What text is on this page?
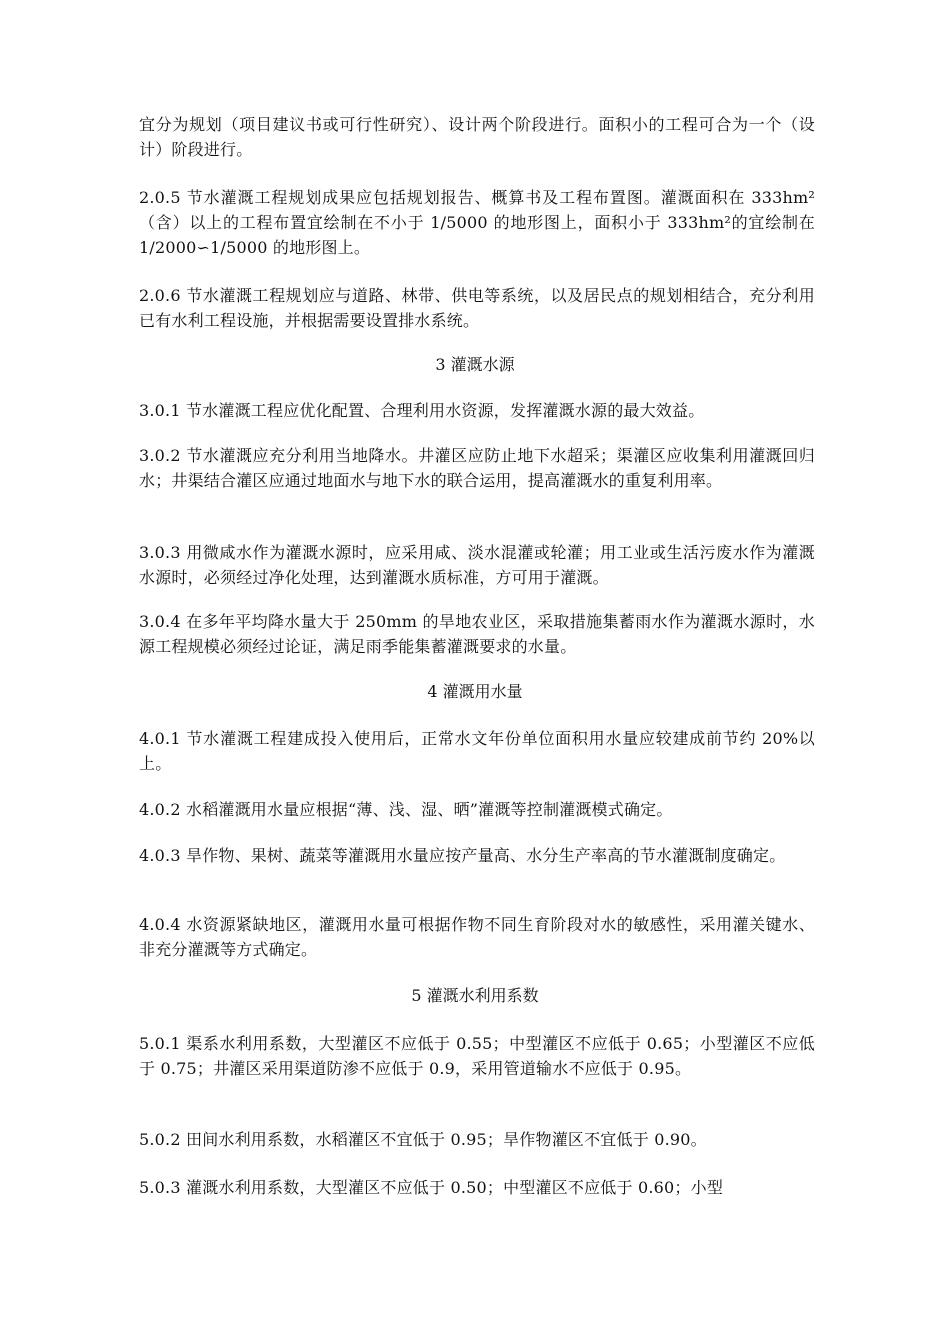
宜分为规划（项目建议书或可行性研究）、设计两个阶段进行。面积小的工程可合为一个（设计）阶段进行。

2.0.5 节水灌溉工程规划成果应包括规划报告、概算书及工程布置图。灌溉面积在 333hm²（含）以上的工程布置宜绘制在不小于 1/5000 的地形图上，面积小于 333hm²的宜绘制在 1/2000∽1/5000 的地形图上。

2.0.6 节水灌溉工程规划应与道路、林带、供电等系统，以及居民点的规划相结合，充分利用已有水利工程设施，并根据需要设置排水系统。

3 灌溉水源

3.0.1 节水灌溉工程应优化配置、合理利用水资源，发挥灌溉水源的最大效益。

3.0.2 节水灌溉应充分利用当地降水。井灌区应防止地下水超采；渠灌区应收集利用灌溉回归水；井渠结合灌区应通过地面水与地下水的联合运用，提高灌溉水的重复利用率。

3.0.3 用微咸水作为灌溉水源时，应采用咸、淡水混灌或轮灌；用工业或生活污废水作为灌溉水源时，必须经过净化处理，达到灌溉水质标准，方可用于灌溉。

3.0.4 在多年平均降水量大于 250mm 的旱地农业区，采取措施集蓄雨水作为灌溉水源时，水源工程规模必须经过论证，满足雨季能集蓄灌溉要求的水量。

4 灌溉用水量

4.0.1 节水灌溉工程建成投入使用后，正常水文年份单位面积用水量应较建成前节约 20%以上。

4.0.2 水稻灌溉用水量应根据“薄、浅、湿、晒”灌溉等控制灌溉模式确定。

4.0.3 旱作物、果树、蔬菜等灌溉用水量应按产量高、水分生产率高的节水灌溉制度确定。

4.0.4 水资源紧缺地区，灌溉用水量可根据作物不同生育阶段对水的敏感性，采用灌关键水、非充分灌溉等方式确定。

5 灌溉水利用系数

5.0.1 渠系水利用系数，大型灌区不应低于 0.55；中型灌区不应低于 0.65；小型灌区不应低于 0.75；井灌区采用渠道防渗不应低于 0.9，采用管道输水不应低于 0.95。

5.0.2 田间水利用系数，水稻灌区不宜低于 0.95；旱作物灌区不宜低于 0.90。

5.0.3 灌溉水利用系数，大型灌区不应低于 0.50；中型灌区不应低于 0.60；小型
